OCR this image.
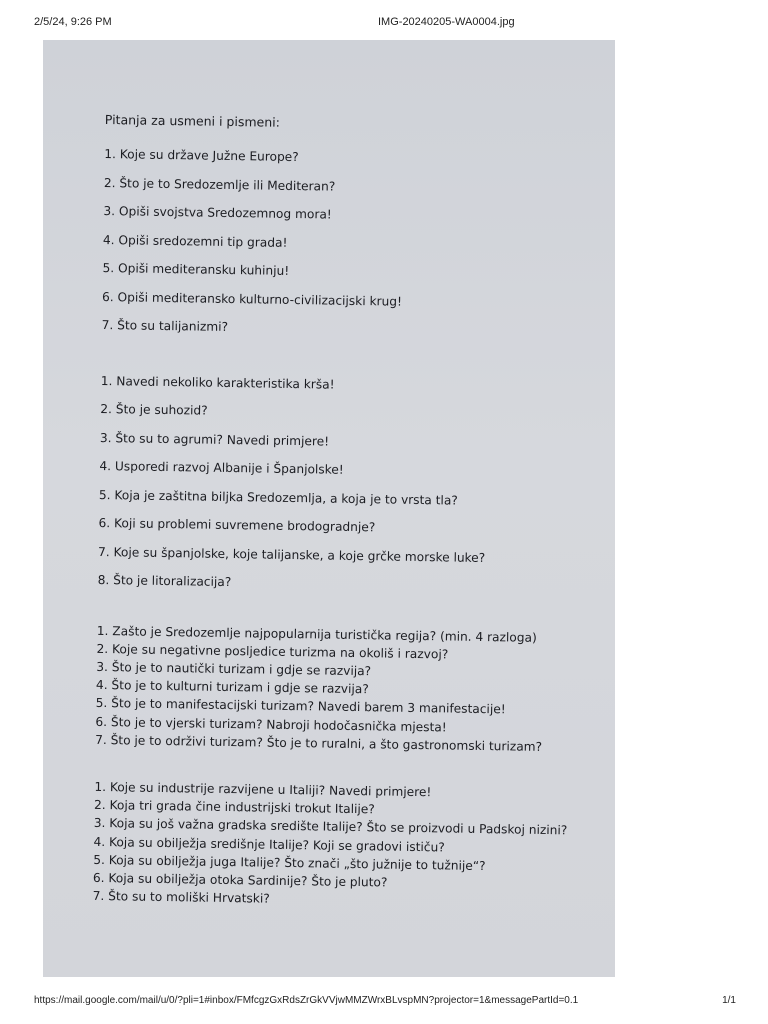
2/5/24, 9:26 PM	IMG-20240205-WA0004.jpg
Pitanja za usmeni i pismeni:
1. Koje su države Južne Europe?
2. Što je to Sredozemlje ili Mediteran?
3. Opiši svojstva Sredozemnog mora!
4. Opiši sredozemni tip grada!
5. Opiši mediteransku kuhinju!
6. Opiši mediteransko kulturno-civilizacijski krug!
7. Što su talijanizmi?
1. Navedi nekoliko karakteristika krša!
2. Što je suhozid?
3. Što su to agrumi? Navedi primjere!
4. Usporedi razvoj Albanije i Španjolske!
5. Koja je zaštitna biljka Sredozemlja, a koja je to vrsta tla?
6. Koji su problemi suvremene brodogradnje?
7. Koje su španjolske, koje talijanske, a koje grčke morske luke?
8. Što je litoralizacija?
1. Zašto je Sredozemlje najpopularnija turistička regija? (min. 4 razloga)
2. Koje su negativne posljedice turizma na okoliš i razvoj?
3. Što je to nautički turizam i gdje se razvija?
4. Što je to kulturni turizam i gdje se razvija?
5. Što je to manifestacijski turizam? Navedi barem 3 manifestacije!
6. Što je to vjerski turizam? Nabroji hodočasnička mjesta!
7. Što je to održivi turizam? Što je to ruralni, a što gastronomski turizam?
1. Koje su industrije razvijene u Italiji? Navedi primjere!
2. Koja tri grada čine industrijski trokut Italije?
3. Koja su još važna gradska središte Italije? Što se proizvodi u Padskoj nizini?
4. Koja su obilježja središnje Italije? Koji se gradovi ističu?
5. Koja su obilježja juga Italije? Što znači „što južnije to tužnije“?
6. Koja su obilježja otoka Sardinije? Što je pluto?
7. Što su to moliški Hrvatski?
https://mail.google.com/mail/u/0/?pli=1#inbox/FMfcgzGxRdsZrGkVVjwMMZWrxBLvspMN?projector=1&messagePartId=0.1	1/1
